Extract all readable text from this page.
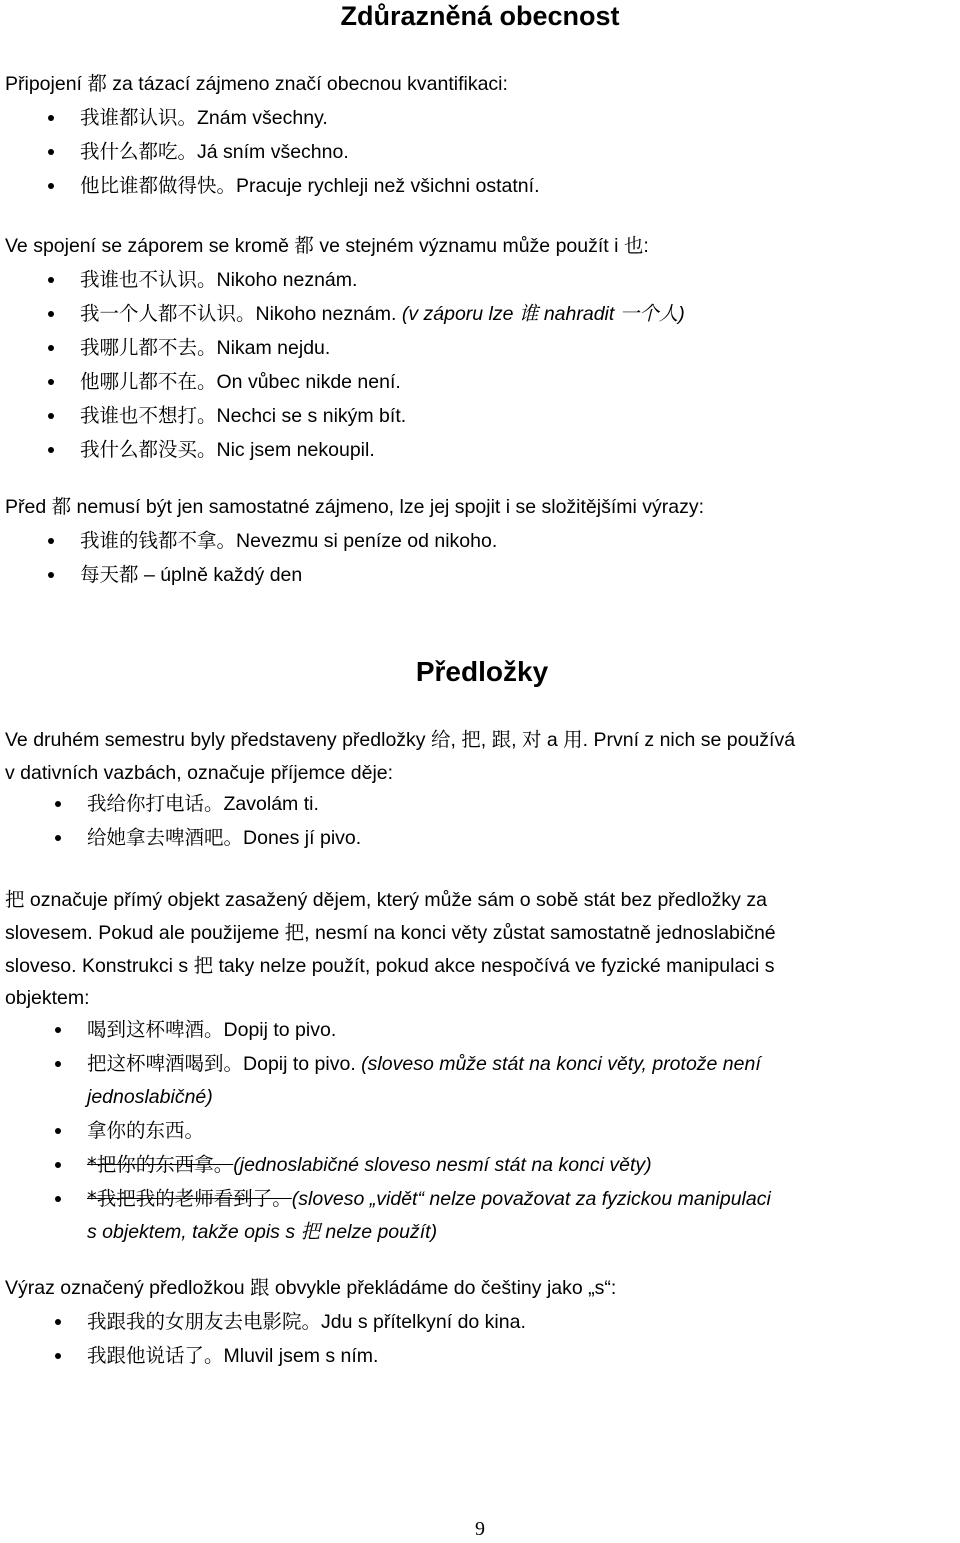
Zdůrazněná obecnost

Připojení 都 za tázací zájmeno značí obecnou kvantifikaci:

我谁都认识。Znám všechny.
我什么都吃。Já sním všechno.
他比谁都做得快。Pracuje rychleji než všichni ostatní.

Ve spojení se záporem se kromě 都 ve stejném významu může použít i 也:

我谁也不认识。Nikoho neznám.
我一个人都不认识。Nikoho neznám. (v záporu lze 谁 nahradit 一个人)
我哪儿都不去。Nikam nejdu.
他哪儿都不在。On vůbec nikde není.
我谁也不想打。Nechci se s nikým bít.
我什么都没买。Nic jsem nekoupil.

Před 都 nemusí být jen samostatné zájmeno, lze jej spojit i se složitějšími výrazy:

我谁的钱都不拿。Nevezmu si peníze od nikoho.
每天都 – úplně každý den
Předložky

Ve druhém semestru byly představeny předložky 给, 把, 跟, 对 a 用. První z nich se používá

v dativních vazbách, označuje příjemce děje:

我给你打电话。Zavolám ti.
给她拿去啤酒吧。Dones jí pivo.

把 označuje přímý objekt zasažený dějem, který může sám o sobě stát bez předložky za

slovesem. Pokud ale použijeme 把, nesmí na konci věty zůstat samostatně jednoslabičné

sloveso. Konstrukci s 把 taky nelze použít, pokud akce nespočívá ve fyzické manipulaci s

objektem:

喝到这杯啤酒。Dopij to pivo.
把这杯啤酒喝到。Dopij to pivo. (sloveso může stát na konci věty, protože není
jednoslabičné)
拿你的东西。
*把你的东西拿。(jednoslabičné sloveso nesmí stát na konci věty)
*我把我的老师看到了。(sloveso „vidět“ nelze považovat za fyzickou manipulaci
s objektem, takže opis s 把 nelze použít)

Výraz označený předložkou 跟 obvykle překládáme do češtiny jako „s“:

我跟我的女朋友去电影院。Jdu s přítelkyní do kina.
我跟他说话了。Mluvil jsem s ním.
9
